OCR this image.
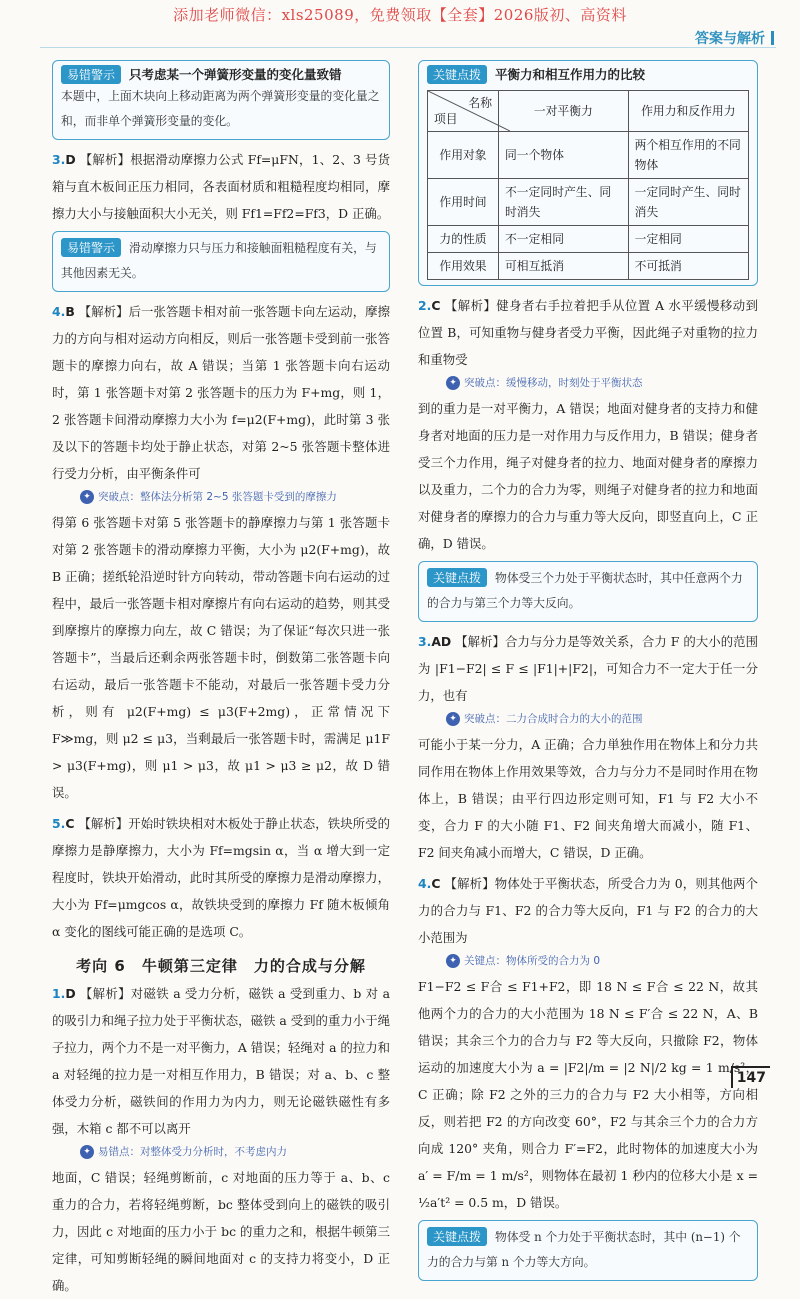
添加老师微信：xls25089，免费领取【全套】2026版初、高资料
答案与解析
易错警示 只考虑某一个弹簧形变量的变化量致错
本题中，上面木块向上移动距离为两个弹簧形变量的变化量之和，而非单个弹簧形变量的变化。

3.D 【解析】根据滑动摩擦力公式 Ff=μFN，1、2、3 号货箱与直木板间正压力相同，各表面材质和粗糙程度均相同，摩擦力大小与接触面积大小无关，则 Ff1=Ff2=Ff3，D 正确。

易错警示 滑动摩擦力只与压力和接触面粗糙程度有关，与其他因素无关。

4.B 【解析】后一张答题卡相对前一张答题卡向左运动，摩擦力的方向与相对运动方向相反，则后一张答题卡受到前一张答题卡的摩擦力向右，故 A 错误；当第 1 张答题卡向右运动时，第 1 张答题卡对第 2 张答题卡的压力为 F+mg，则 1，2 张答题卡间滑动摩擦力大小为 f=μ2(F+mg)，此时第 3 张及以下的答题卡均处于静止状态，对第 2~5 张答题卡整体进行受力分析，由平衡条件可

✦ 突破点：整体法分析第 2~5 张答题卡受到的摩擦力

得第 6 张答题卡对第 5 张答题卡的静摩擦力与第 1 张答题卡对第 2 张答题卡的滑动摩擦力平衡，大小为 μ2(F+mg)，故 B 正确；搓纸轮沿逆时针方向转动，带动答题卡向右运动的过程中，最后一张答题卡相对摩擦片有向右运动的趋势，则其受到摩擦片的摩擦力向左，故 C 错误；为了保证“每次只进一张答题卡”，当最后还剩余两张答题卡时，倒数第二张答题卡向右运动，最后一张答题卡不能动，对最后一张答题卡受力分析，则有 μ2(F+mg) ≤ μ3(F+2mg)，正常情况下 F≫mg，则 μ2 ≤ μ3，当剩最后一张答题卡时，需满足 μ1F > μ3(F+mg)，则 μ1 > μ3，故 μ1 > μ3 ≥ μ2，故 D 错误。

5.C 【解析】开始时铁块相对木板处于静止状态，铁块所受的摩擦力是静摩擦力，大小为 Ff=mgsin α，当 α 增大到一定程度时，铁块开始滑动，此时其所受的摩擦力是滑动摩擦力，大小为 Ff=μmgcos α，故铁块受到的摩擦力 Ff 随木板倾角 α 变化的图线可能正确的是选项 C。

考向 6　牛顿第三定律　力的合成与分解

1.D 【解析】对磁铁 a 受力分析，磁铁 a 受到重力、b 对 a 的吸引力和绳子拉力处于平衡状态，磁铁 a 受到的重力小于绳子拉力，两个力不是一对平衡力，A 错误；轻绳对 a 的拉力和 a 对轻绳的拉力是一对相互作用力，B 错误；对 a、b、c 整体受力分析，磁铁间的作用力为内力，则无论磁铁磁性有多强，木箱 c 都不可以离开

✦ 易错点：对整体受力分析时，不考虑内力

地面，C 错误；轻绳剪断前，c 对地面的压力等于 a、b、c 重力的合力，若将轻绳剪断，bc 整体受到向上的磁铁的吸引力，因此 c 对地面的压力小于 bc 的重力之和，根据牛顿第三定律，可知剪断轻绳的瞬间地面对 c 的支持力将变小，D 正确。

关键点拨 平衡力和相互作用力的比较
名称
项目	一对平衡力	作用力和反作用力
作用对象	同一个物体	两个相互作用的不同物体
作用时间	不一定同时产生、同时消失	一定同时产生、同时消失
力的性质	不一定相同	一定相同
作用效果	可相互抵消	不可抵消

2.C 【解析】健身者右手拉着把手从位置 A 水平缓慢移动到位置 B，可知重物与健身者受力平衡，因此绳子对重物的拉力和重物受

✦ 突破点：缓慢移动，时刻处于平衡状态

到的重力是一对平衡力，A 错误；地面对健身者的支持力和健身者对地面的压力是一对作用力与反作用力，B 错误；健身者受三个力作用，绳子对健身者的拉力、地面对健身者的摩擦力以及重力，二个力的合力为零，则绳子对健身者的拉力和地面对健身者的摩擦力的合力与重力等大反向，即竖直向上，C 正确，D 错误。

关键点拨 物体受三个力处于平衡状态时，其中任意两个力的合力与第三个力等大反向。

3.AD 【解析】合力与分力是等效关系，合力 F 的大小的范围为 |F1−F2| ≤ F ≤ |F1|+|F2|，可知合力不一定大于任一分力，也有

✦ 突破点：二力合成时合力的大小的范围

可能小于某一分力，A 正确；合力単独作用在物体上和分力共同作用在物体上作用效果等效，合力与分力不是同时作用在物体上，B 错误；由平行四边形定则可知，F1 与 F2 大小不变，合力 F 的大小随 F1、F2 间夹角增大而减小，随 F1、F2 间夹角减小而增大，C 错误，D 正确。

4.C 【解析】物体处于平衡状态，所受合力为 0，则其他两个力的合力与 F1、F2 的合力等大反向，F1 与 F2 的合力的大小范围为

✦ 关键点：物体所受的合力为 0

F1−F2 ≤ F合 ≤ F1+F2，即 18 N ≤ F合 ≤ 22 N，故其他两个力的合力的大小范围为 18 N ≤ F′合 ≤ 22 N，A、B 错误；其余三个力的合力与 F2 等大反向，只撤除 F2，物体运动的加速度大小为 a = |F2|/m = |2 N|/2 kg = 1 m/s²，C 正确；除 F2 之外的三力的合力与 F2 大小相等，方向相反，则若把 F2 的方向改变 60°，F2 与其余三个力的合力方向成 120° 夹角，则合力 F′=F2，此时物体的加速度大小为 a′ = F/m = 1 m/s²，则物体在最初 1 秒内的位移大小是 x = ½a′t² = 0.5 m，D 错误。

关键点拨 物体受 n 个力处于平衡状态时，其中 (n−1) 个力的合力与第 n 个力等大方向。
147
